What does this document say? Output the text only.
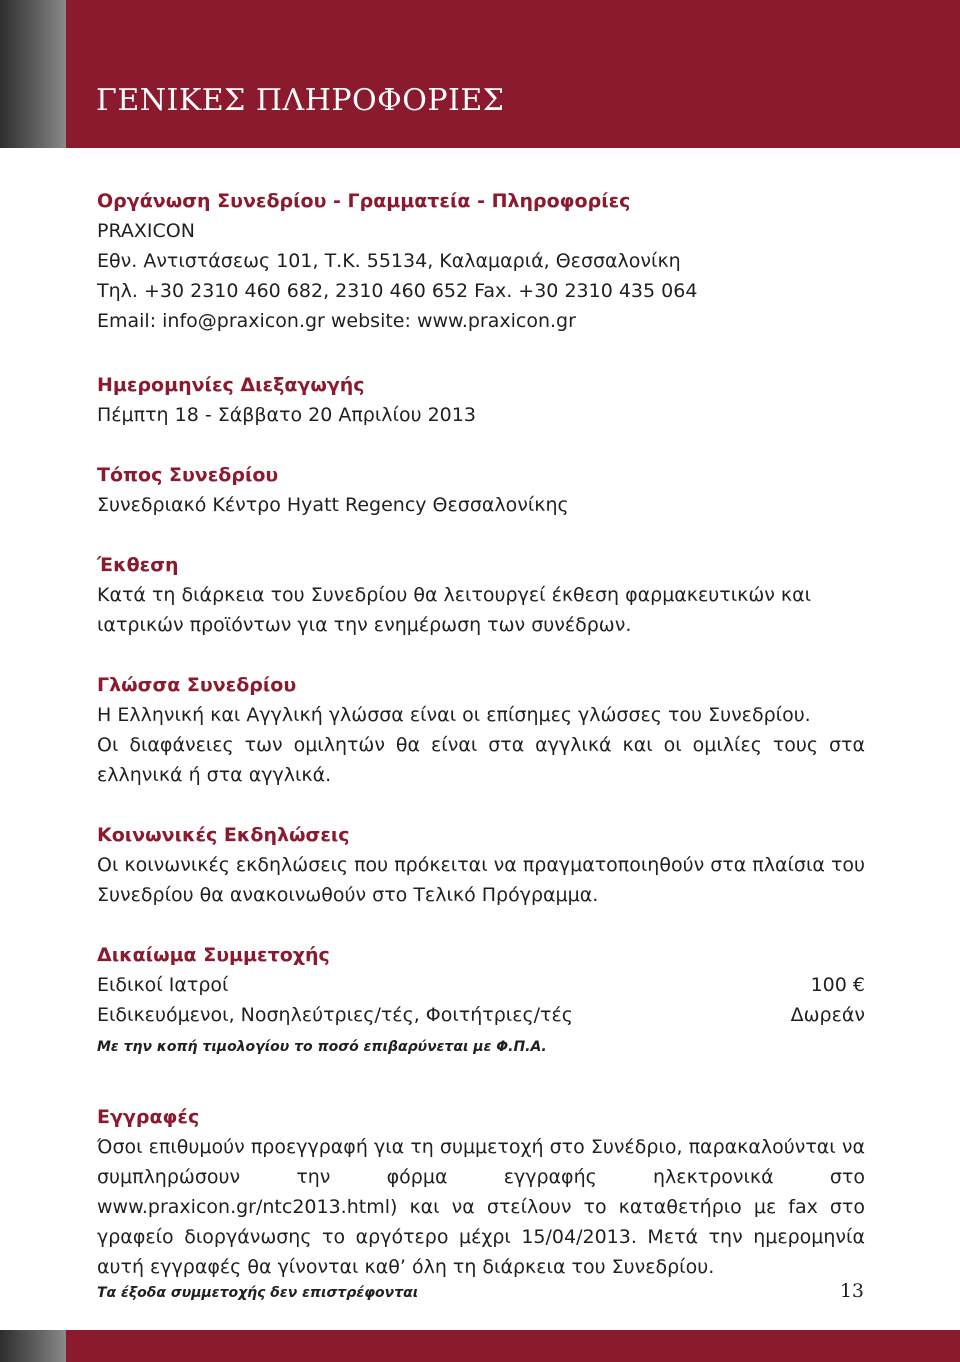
ΓΕΝΙΚΕΣ ΠΛΗΡΟΦΟΡΙΕΣ

Οργάνωση Συνεδρίου - Γραμματεία - Πληροφορίες

PRAXICON

Εθν. Αντιστάσεως 101, Τ.Κ. 55134, Καλαμαριά, Θεσσαλονίκη

Τηλ. +30 2310 460 682, 2310 460 652 Fax. +30 2310 435 064

Email: info@praxicon.gr website: www.praxicon.gr

Ημερομηνίες Διεξαγωγής

Πέμπτη 18 - Σάββατο 20 Απριλίου 2013

Τόπος Συνεδρίου

Συνεδριακό Κέντρο Hyatt Regency Θεσσαλονίκης

Έκθεση

Κατά τη διάρκεια του Συνεδρίου θα λειτουργεί έκθεση φαρμακευτικών και ιατρικών προϊόντων για την ενημέρωση των συνέδρων.

Γλώσσα Συνεδρίου

Η Ελληνική και Αγγλική γλώσσα είναι οι επίσημες γλώσσες του Συνεδρίου.

Οι διαφάνειες των ομιλητών θα είναι στα αγγλικά και οι ομιλίες τους στα ελληνικά ή στα αγγλικά.

Κοινωνικές Εκδηλώσεις

Οι κοινωνικές εκδηλώσεις που πρόκειται να πραγματοποιηθούν στα πλαίσια του Συνεδρίου θα ανακοινωθούν στο Τελικό Πρόγραμμα.

Δικαίωμα Συμμετοχής

Ειδικοί Ιατροί	100 €
Ειδικευόμενοι, Νοσηλεύτριες/τές, Φοιτήτριες/τές	Δωρεάν

Με την κοπή τιμολογίου το ποσό επιβαρύνεται με Φ.Π.Α.

Εγγραφές

Όσοι επιθυμούν προεγγραφή για τη συμμετοχή στο Συνέδριο, παρακαλούνται να συμπληρώσουν την φόρμα εγγραφής ηλεκτρονικά στο www.praxicon.gr/ntc2013.html) και να στείλουν το καταθετήριο με fax στο γραφείο διοργάνωσης το αργότερο μέχρι 15/04/2013. Μετά την ημερομηνία αυτή εγγραφές θα γίνονται καθ’ όλη τη διάρκεια του Συνεδρίου.

Τα έξοδα συμμετοχής δεν επιστρέφονται	13
